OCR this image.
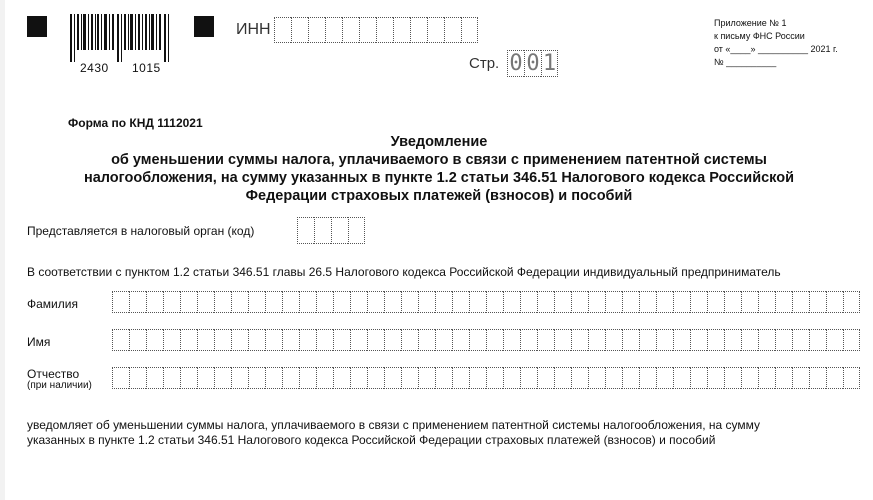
2430 1015
ИНН
Стр. 0 0 1
Приложение № 1
к письму ФНС России
от «____» __________ 2021 г.
№ __________
Форма по КНД 1112021
Уведомление
об уменьшении суммы налога, уплачиваемого в связи с применением патентной системы
налогообложения, на сумму указанных в пункте 1.2 статьи 346.51 Налогового кодекса Российской
Федерации страховых платежей (взносов) и пособий
Представляется в налоговый орган (код)
В соответствии с пунктом 1.2 статьи 346.51 главы 26.5 Налогового кодекса Российской Федерации индивидуальный предприниматель
Фамилия
Имя
Отчество
(при наличии)
уведомляет об уменьшении суммы налога, уплачиваемого в связи с применением патентной системы налогообложения, на сумму
указанных в пункте 1.2 статьи 346.51 Налогового кодекса Российской Федерации страховых платежей (взносов) и пособий
